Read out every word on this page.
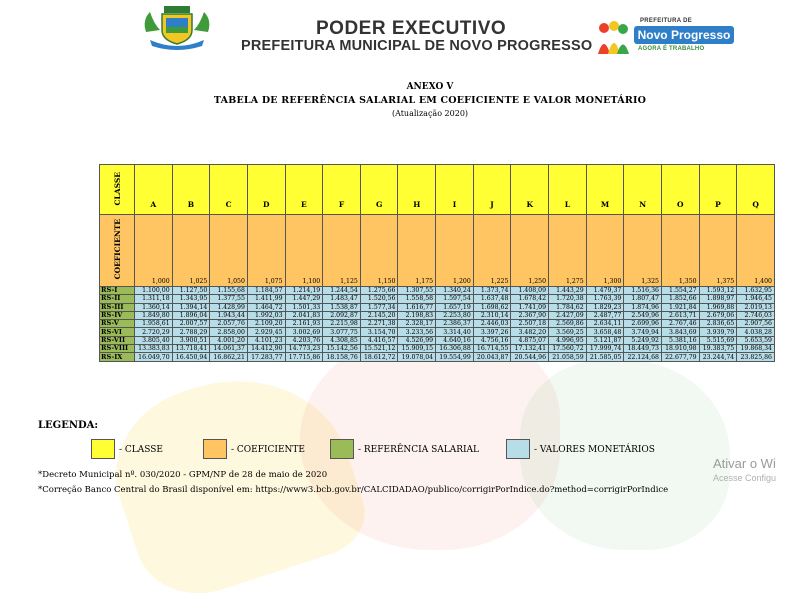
PODER EXECUTIVO
PREFEITURA MUNICIPAL DE NOVO PROGRESSO
PREFEITURA DE
Novo Progresso
AGORA É TRABALHO
ANEXO V
TABELA DE REFERÊNCIA SALARIAL EM COEFICIENTE E VALOR MONETÁRIO
(Atualização 2020)
CLASSE	A	B	C	D	E	F	G	H	I	J	K	L	M	N	O	P	Q
COEFICIENTE	1,000	1,025	1,050	1,075	1,100	1,125	1,150	1,175	1,200	1,225	1,250	1,275	1,300	1,325	1,350	1,375	1,400
RS-I	1.100,00	1.127,50	1.155,68	1.184,57	1.214,19	1.244,54	1.275,66	1.307,55	1.340,24	1.373,74	1.408,09	1.443,29	1.479,37	1.516,36	1.554,27	1.593,12	1.632,95
RS-II	1.311,18	1.343,95	1.377,55	1.411,99	1.447,29	1.483,47	1.520,56	1.558,58	1.597,54	1.637,48	1.678,42	1.720,38	1.763,39	1.807,47	1.852,66	1.898,97	1.946,45
RS-III	1.360,14	1.394,14	1.428,99	1.464,72	1.501,33	1.538,87	1.577,34	1.616,77	1.657,19	1.698,62	1.741,09	1.784,62	1.829,23	1.874,96	1.921,84	1.969,88	2.019,13
RS-IV	1.849,80	1.896,04	1.943,44	1.992,03	2.041,83	2.092,87	2.145,20	2.198,83	2.253,80	2.310,14	2.367,90	2.427,09	2.487,77	2.549,96	2.613,71	2.679,06	2.746,03
RS-V	1.958,61	2.007,57	2.057,76	2.109,20	2.161,93	2.215,98	2.271,38	2.328,17	2.386,37	2.446,03	2.507,18	2.569,86	2.634,11	2.699,96	2.767,46	2.836,65	2.907,56
RS-VI	2.720,29	2.788,29	2.858,00	2.929,45	3.002,69	3.077,75	3.154,70	3.233,56	3.314,40	3.397,26	3.482,20	3.569,25	3.658,48	3.749,94	3.843,69	3.939,79	4.038,28
RS-VII	3.805,40	3.900,51	4.001,20	4.101,23	4.203,76	4.308,85	4.416,57	4.526,99	4.640,16	4.756,16	4.875,07	4.996,95	5.121,87	5.249,92	5.381,16	5.515,69	5.653,59
RS-VIII	13.383,83	13.718,41	14.061,37	14.412,90	14.773,23	15.142,56	15.521,12	15.909,15	16.306,88	16.714,55	17.132,41	17.560,72	17.999,74	18.449,73	18.910,98	19.383,75	19.868,34
RS-IX	16.049,70	16.450,94	16.862,21	17.283,77	17.715,86	18.158,76	18.612,72	19.078,04	19.554,99	20.043,87	20.544,96	21.058,59	21.585,05	22.124,68	22.677,79	23.244,74	23.825,86
LEGENDA:
- CLASSE	- COEFICIENTE	- REFERÊNCIA SALARIAL	- VALORES MONETÁRIOS
*Decreto Municipal nº. 030/2020 - GPM/NP de 28 de maio de 2020
*Correção Banco Central do Brasil disponível em: https://www3.bcb.gov.br/CALCIDADAO/publico/corrigirPorIndice.do?method=corrigirPorIndice
Ativar o Wi
Acesse Configu
